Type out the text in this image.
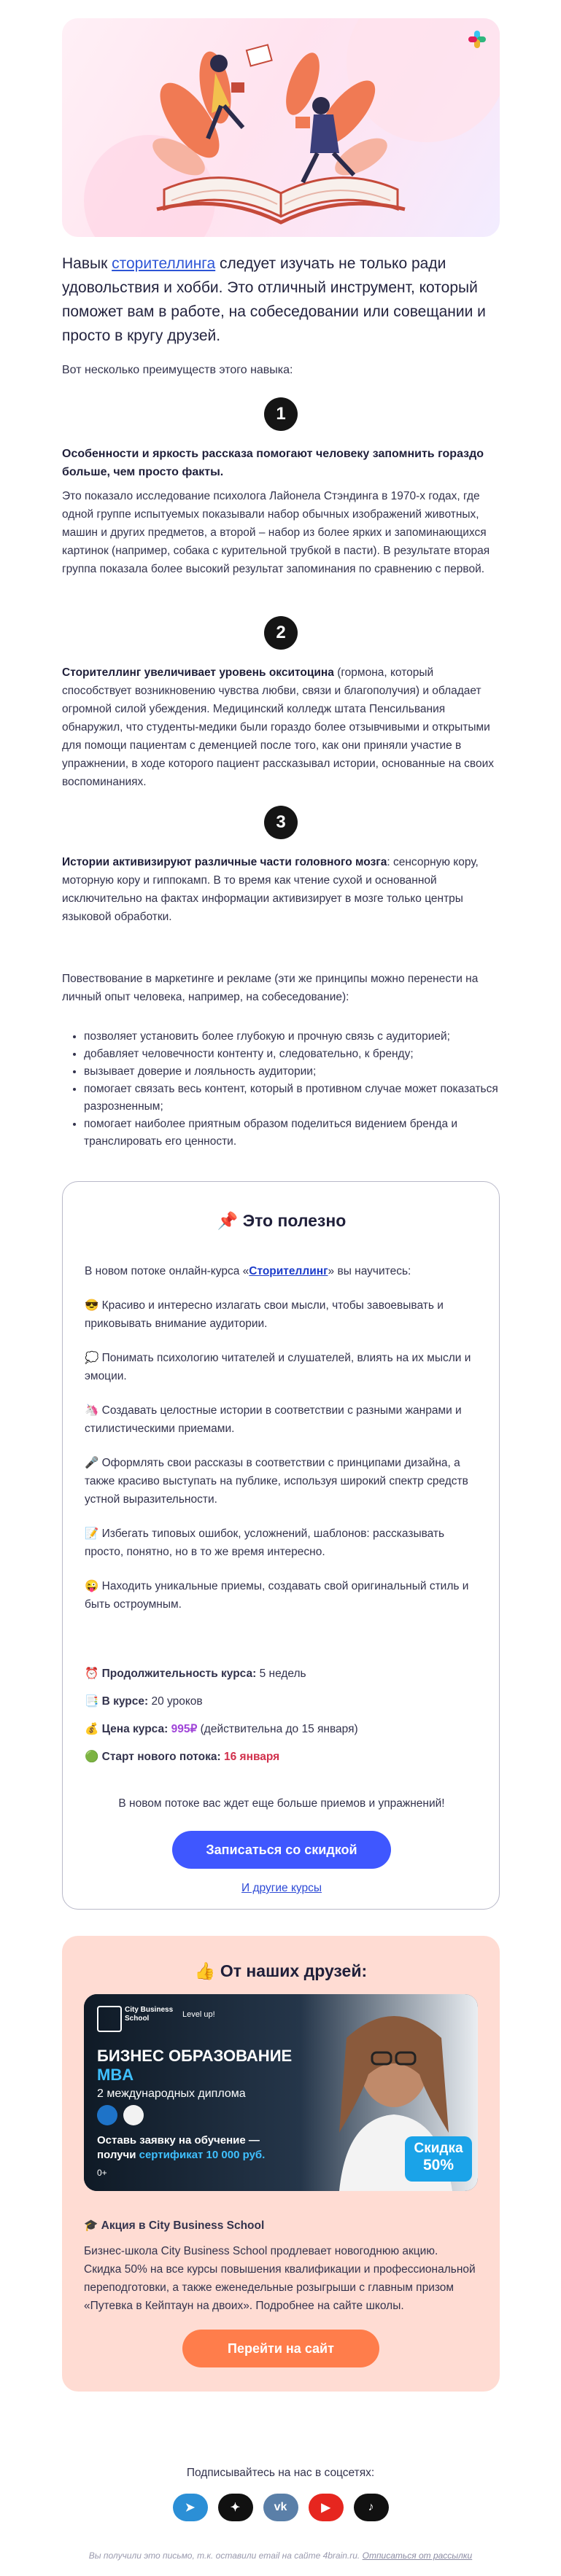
Навык сторителлинга следует изучать не только ради удовольствия и хобби. Это отличный инструмент, который поможет вам в работе, на собеседовании или совещании и просто в кругу друзей.
Вот несколько преимуществ этого навыка:
1
Особенности и яркость рассказа помогают человеку запомнить гораздо больше, чем просто факты.
Это показало исследование психолога Лайонела Стэндинга в 1970-х годах, где одной группе испытуемых показывали набор обычных изображений животных, машин и других предметов, а второй – набор из более ярких и запоминающихся картинок (например, собака с курительной трубкой в пасти). В результате вторая группа показала более высокий результат запоминания по сравнению с первой.
2
Сторителлинг увеличивает уровень окситоцина (гормона, который способствует возникновению чувства любви, связи и благополучия) и обладает огромной силой убеждения. Медицинский колледж штата Пенсильвания обнаружил, что студенты-медики были гораздо более отзывчивыми и открытыми для помощи пациентам с деменцией после того, как они приняли участие в упражнении, в ходе которого пациент рассказывал истории, основанные на своих воспоминаниях.
3
Истории активизируют различные части головного мозга: сенсорную кору, моторную кору и гиппокамп. В то время как чтение сухой и основанной исключительно на фактах информации активизирует в мозге только центры языковой обработки.
Повествование в маркетинге и рекламе (эти же принципы можно перенести на личный опыт человека, например, на собеседование):
• позволяет установить более глубокую и прочную связь с аудиторией;
• добавляет человечности контенту и, следовательно, к бренду;
• вызывает доверие и лояльность аудитории;
• помогает связать весь контент, который в противном случае может показаться разрозненным;
• помогает наиболее приятным образом поделиться видением бренда и транслировать его ценности.
📌 Это полезно
В новом потоке онлайн-курса «Сторителлинг» вы научитесь:
😎 Красиво и интересно излагать свои мысли, чтобы завоевывать и приковывать внимание аудитории.
💭 Понимать психологию читателей и слушателей, влиять на их мысли и эмоции.
🦄 Создавать целостные истории в соответствии с разными жанрами и стилистическими приемами.
🎤 Оформлять свои рассказы в соответствии с принципами дизайна, а также красиво выступать на публике, используя широкий спектр средств устной выразительности.
📝 Избегать типовых ошибок, усложнений, шаблонов: рассказывать просто, понятно, но в то же время интересно.
😜 Находить уникальные приемы, создавать свой оригинальный стиль и быть остроумным.
⏰ Продолжительность курса: 5 недель
📑 В курсе: 20 уроков
💰 Цена курса: 995₽ (действительна до 15 января)
🟢 Старт нового потока: 16 января
В новом потоке вас ждет еще больше приемов и упражнений!
Записаться со скидкой
И другие курсы
👍 От наших друзей:
City Business School	Level up!
БИЗНЕС ОБРАЗОВАНИЕ
MBA
2 международных диплома
Оставь заявку на обучение —
получи сертификат 10 000 руб.
0+
Скидка
50%
🎓 Акция в City Business School
Бизнес-школа City Business School продлевает новогоднюю акцию. Скидка 50% на все курсы повышения квалификации и профессиональной переподготовки, а также еженедельные розыгрыши с главным призом «Путевка в Кейптаун на двоих». Подробнее на сайте школы.
Перейти на сайт
Подписывайтесь на нас в соцсетях:
➤	✦	vk	▶	♪
Вы получили это письмо, т.к. оставили email на сайте 4brain.ru. Отписаться от рассылки
